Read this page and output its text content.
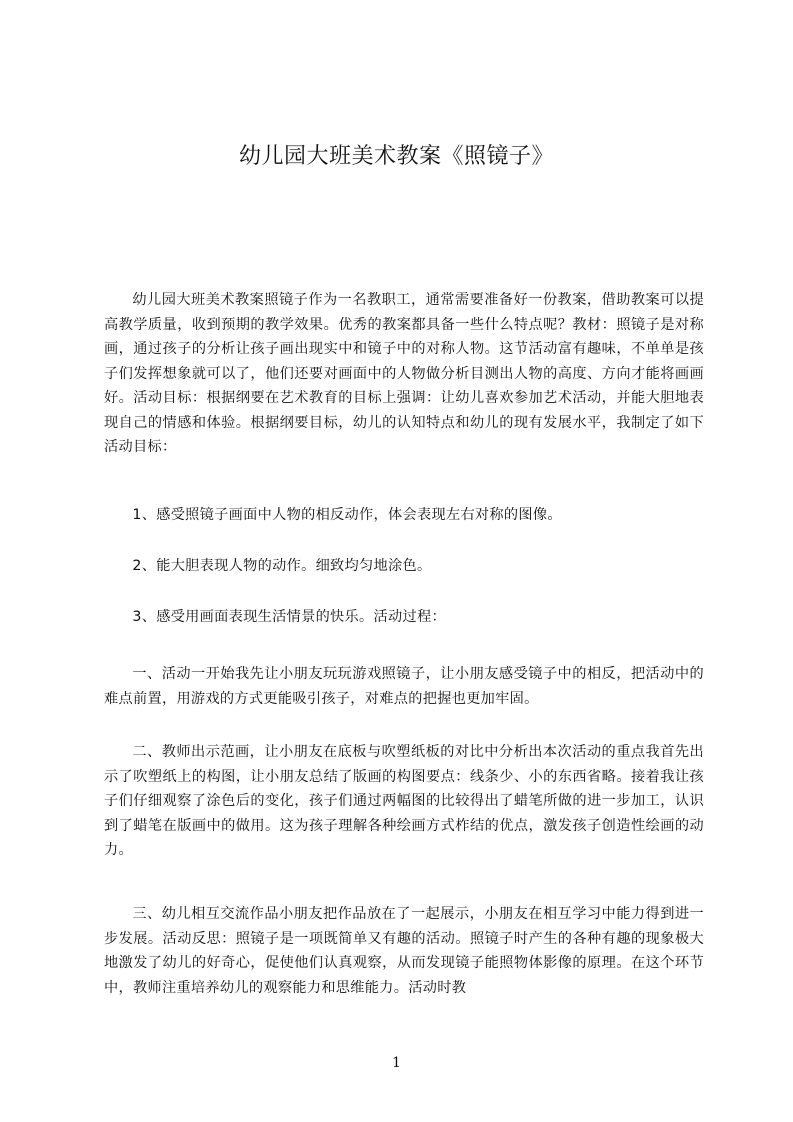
幼儿园大班美术教案《照镜子》

幼儿园大班美术教案照镜子作为一名教职工，通常需要准备好一份教案，借助教案可以提高教学质量，收到预期的教学效果。优秀的教案都具备一些什么特点呢？教材：照镜子是对称画，通过孩子的分析让孩子画出现实中和镜子中的对称人物。这节活动富有趣味，不单单是孩子们发挥想象就可以了，他们还要对画面中的人物做分析目测出人物的高度、方向才能将画画好。活动目标：根据纲要在艺术教育的目标上强调：让幼儿喜欢参加艺术活动，并能大胆地表现自己的情感和体验。根据纲要目标，幼儿的认知特点和幼儿的现有发展水平，我制定了如下活动目标：

1、感受照镜子画面中人物的相反动作，体会表现左右对称的图像。

2、能大胆表现人物的动作。细致均匀地涂色。

3、感受用画面表现生活情景的快乐。活动过程：

一、活动一开始我先让小朋友玩玩游戏照镜子，让小朋友感受镜子中的相反，把活动中的难点前置，用游戏的方式更能吸引孩子，对难点的把握也更加牢固。

二、教师出示范画，让小朋友在底板与吹塑纸板的对比中分析出本次活动的重点我首先出示了吹塑纸上的构图，让小朋友总结了版画的构图要点：线条少、小的东西省略。接着我让孩子们仔细观察了涂色后的变化，孩子们通过两幅图的比较得出了蜡笔所做的进一步加工，认识到了蜡笔在版画中的做用。这为孩子理解各种绘画方式柞结的优点，激发孩子创造性绘画的动力。

三、幼儿相互交流作品小朋友把作品放在了一起展示，小朋友在相互学习中能力得到进一步发展。活动反思：照镜子是一项既简单又有趣的活动。照镜子时产生的各种有趣的现象极大地激发了幼儿的好奇心，促使他们认真观察，从而发现镜子能照物体影像的原理。在这个环节中，教师注重培养幼儿的观察能力和思维能力。活动时教

1
